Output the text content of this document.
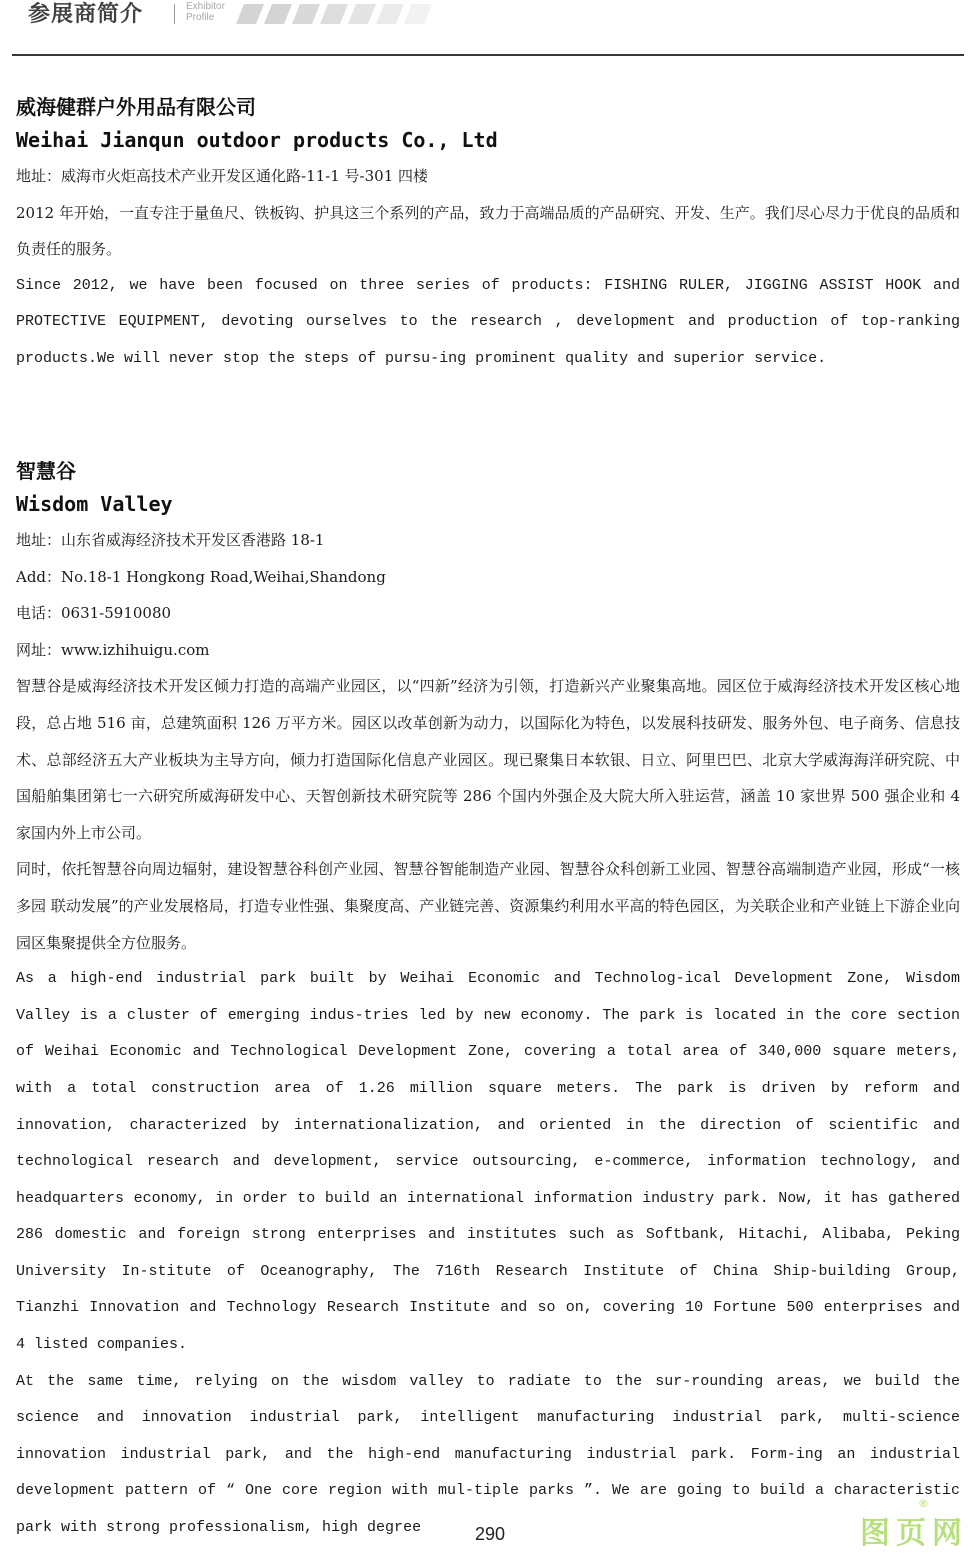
参展商简介	Exhibitor
Profile

威海健群户外用品有限公司

Weihai Jianqun outdoor products Co., Ltd

地址：威海市火炬高技术产业开发区通化路-11-1 号-301 四楼

2012 年开始，一直专注于量鱼尺、铁板钩、护具这三个系列的产品，致力于高端品质的产品研究、开发、生产。我们尽心尽力于优良的品质和负责任的服务。

Since 2012, we have been focused on three series of products: FISHING RULER, JIGGING ASSIST HOOK and PROTECTIVE EQUIPMENT, devoting ourselves to the research , development and production of top-ranking products.We will never stop the steps of pursu-ing prominent quality and superior service.

智慧谷

Wisdom Valley

地址：山东省威海经济技术开发区香港路 18-1

Add：No.18-1 Hongkong Road,Weihai,Shandong

电话：0631-5910080

网址：www.izhihuigu.com

智慧谷是威海经济技术开发区倾力打造的高端产业园区，以“四新”经济为引领，打造新兴产业聚集高地。园区位于威海经济技术开发区核心地段，总占地 516 亩，总建筑面积 126 万平方米。园区以改革创新为动力，以国际化为特色，以发展科技研发、服务外包、电子商务、信息技术、总部经济五大产业板块为主导方向，倾力打造国际化信息产业园区。现已聚集日本软银、日立、阿里巴巴、北京大学威海海洋研究院、中国船舶集团第七一六研究所威海研发中心、天智创新技术研究院等 286 个国内外强企及大院大所入驻运营，涵盖 10 家世界 500 强企业和 4 家国内外上市公司。

同时，依托智慧谷向周边辐射，建设智慧谷科创产业园、智慧谷智能制造产业园、智慧谷众科创新工业园、智慧谷高端制造产业园，形成“一核多园 联动发展”的产业发展格局，打造专业性强、集聚度高、产业链完善、资源集约利用水平高的特色园区，为关联企业和产业链上下游企业向园区集聚提供全方位服务。

As a high-end industrial park built by Weihai Economic and Technolog-ical Development Zone, Wisdom Valley is a cluster of emerging indus-tries led by new economy. The park is located in the core section of Weihai Economic and Technological Development Zone, covering a total area of 340,000 square meters, with a total construction area of 1.26 million square meters. The park is driven by reform and innovation, characterized by internationalization, and oriented in the direction of scientific and technological research and development, service outsourcing, e-commerce, information technology, and headquarters economy, in order to build an international information industry park. Now, it has gathered 286 domestic and foreign strong enterprises and institutes such as Softbank, Hitachi, Alibaba, Peking University In-stitute of Oceanography, The 716th Research Institute of China Ship-building Group, Tianzhi Innovation and Technology Research Institute and so on, covering 10 Fortune 500 enterprises and 4 listed companies.

At the same time, relying on the wisdom valley to radiate to the sur-rounding areas, we build the science and innovation industrial park, intelligent manufacturing industrial park, multi-science innovation industrial park, and the high-end manufacturing industrial park. Form-ing an industrial development pattern of “ One core region with mul-tiple parks ”. We are going to build a characteristic park with strong professionalism, high degree	290	图页网
®
